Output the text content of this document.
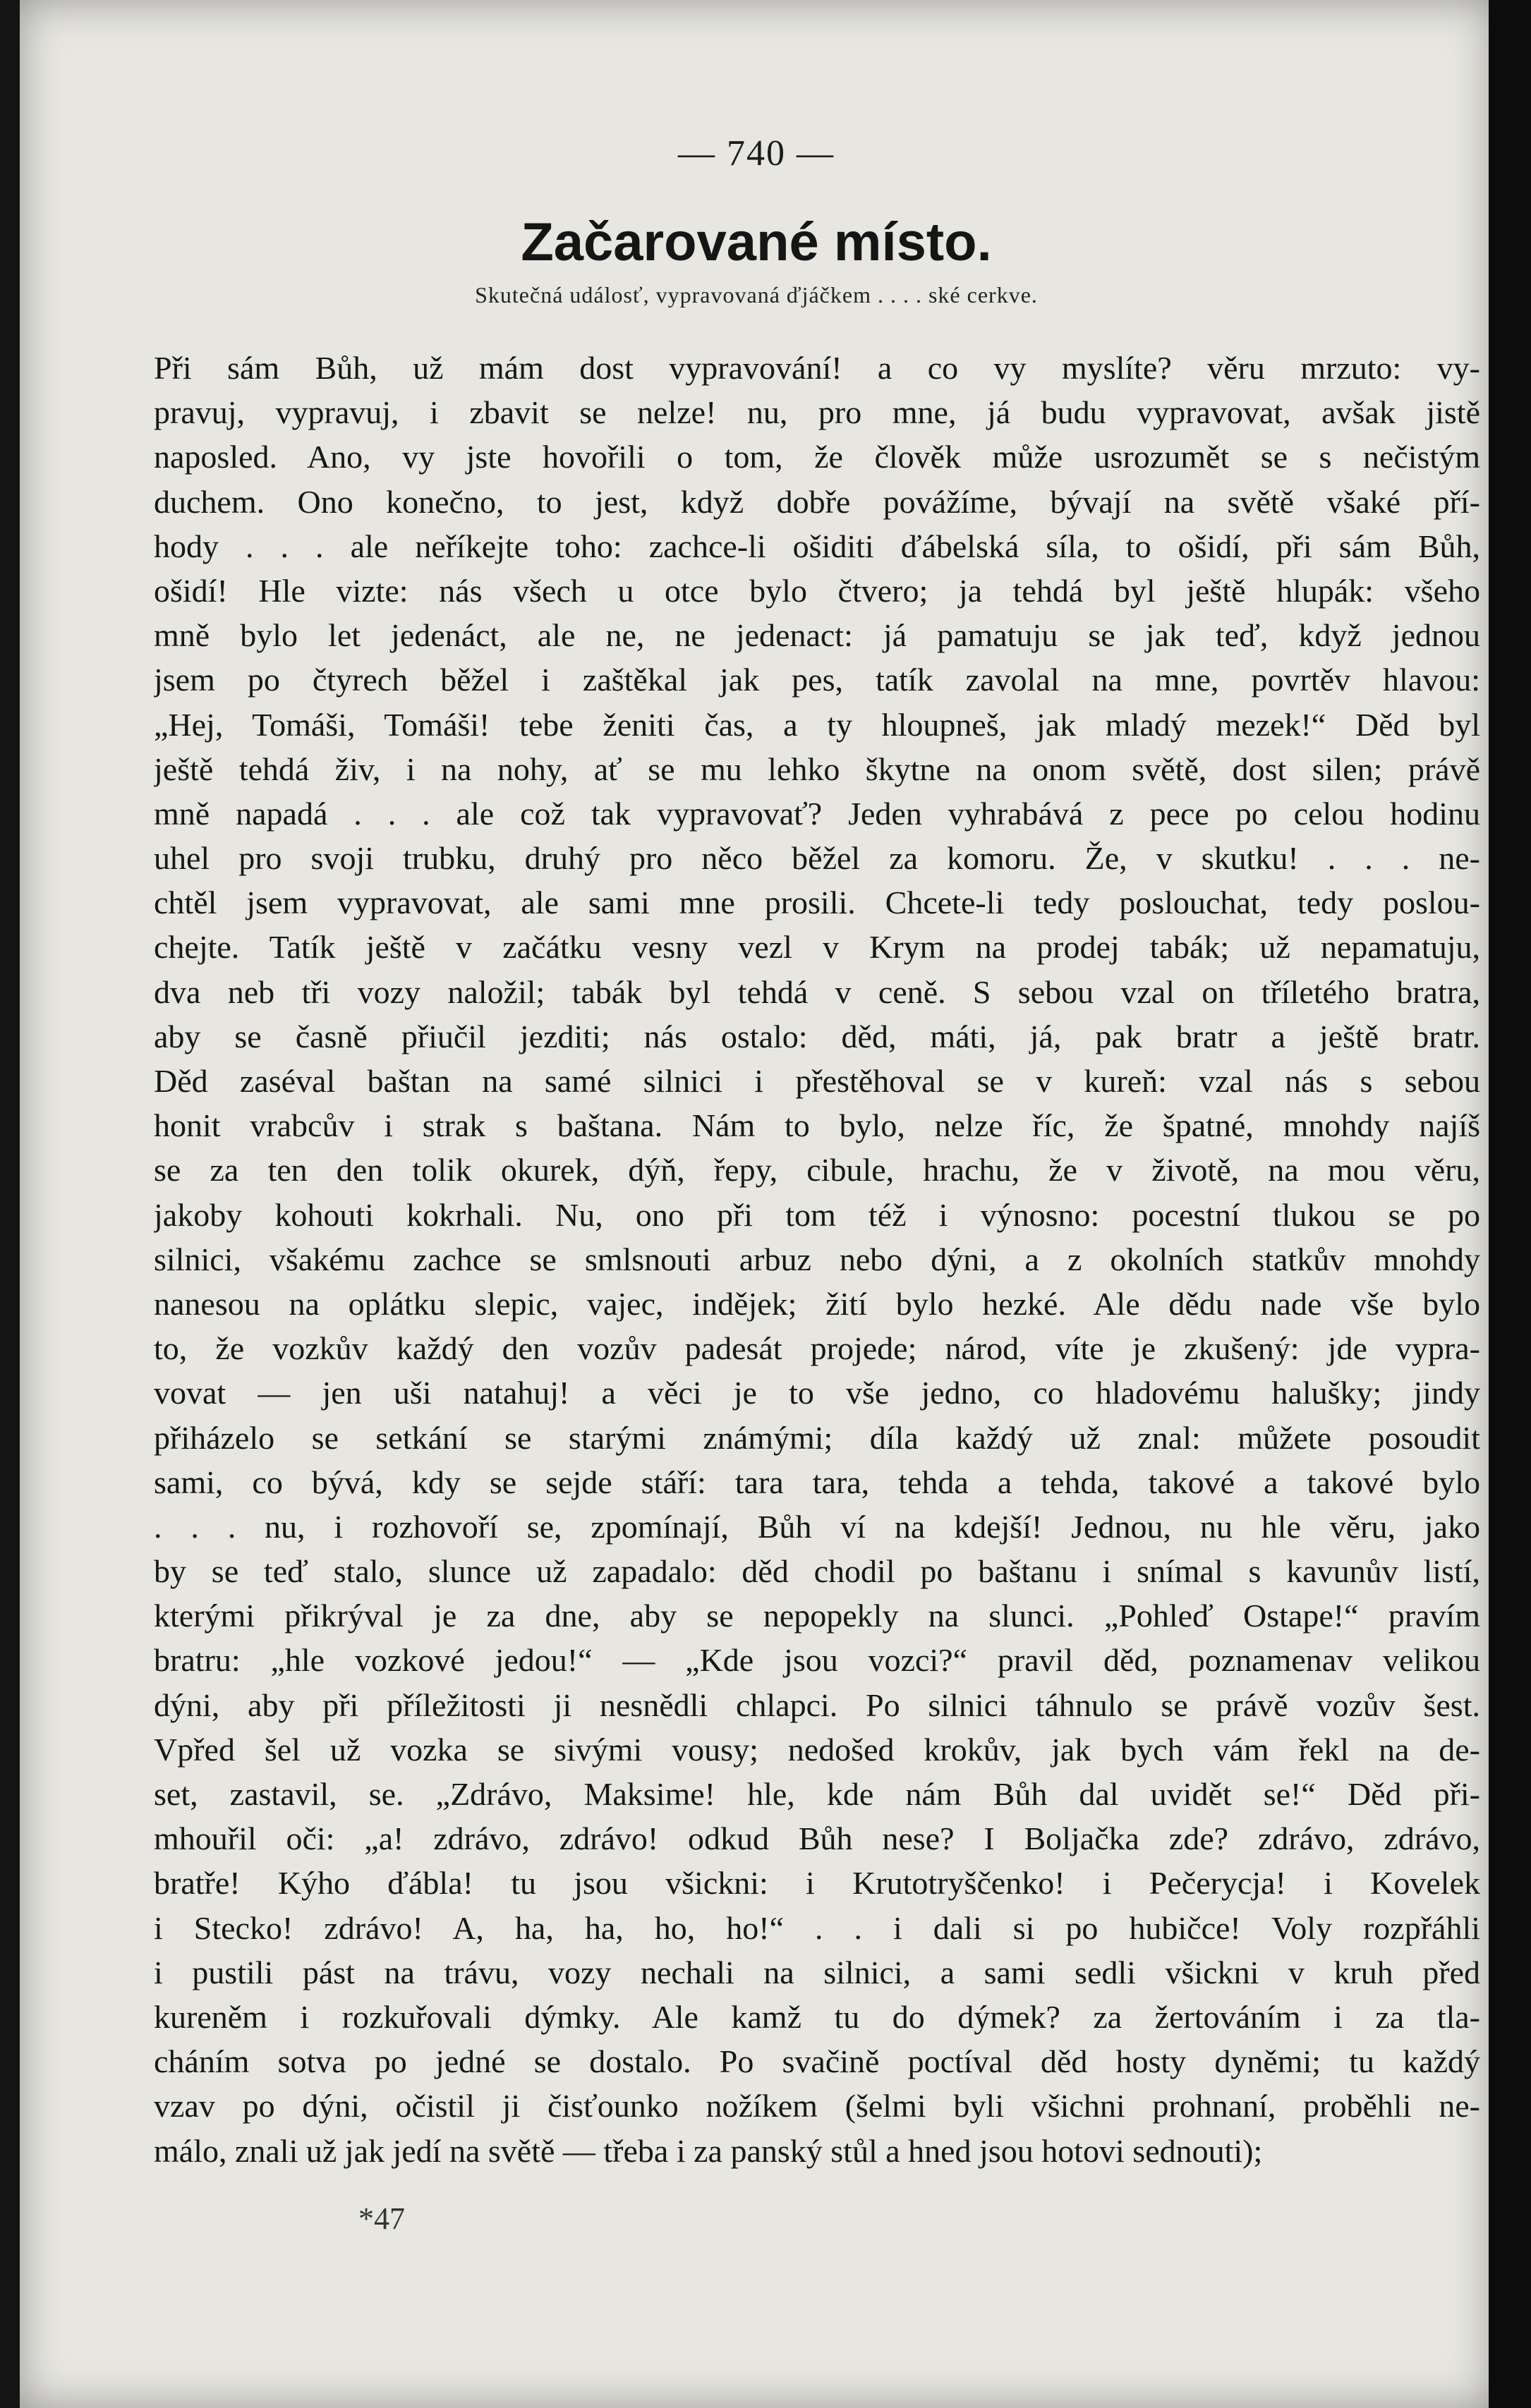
— 740 —
Začarované místo.
Skutečná událosť, vypravovaná ďjáčkem . . . . ské cerkve.
Při sám Bůh, už mám dost vypravování! a co vy myslíte? věru mrzuto: vy-
pravuj, vypravuj, i zbavit se nelze! nu, pro mne, já budu vypravovat, avšak jistě
naposled. Ano, vy jste hovořili o tom, že člověk může usrozumět se s nečistým
duchem. Ono konečno, to jest, když dobře povážíme, bývají na světě všaké pří-
hody . . . ale neříkejte toho: zachce-li ošiditi ďábelská síla, to ošidí, při sám Bůh,
ošidí! Hle vizte: nás všech u otce bylo čtvero; ja tehdá byl ještě hlupák: všeho
mně bylo let jedenáct, ale ne, ne jedenact: já pamatuju se jak teď, když jednou
jsem po čtyrech běžel i zaštěkal jak pes, tatík zavolal na mne, povrtěv hlavou:
„Hej, Tomáši, Tomáši! tebe ženiti čas, a ty hloupneš, jak mladý mezek!“ Děd byl
ještě tehdá živ, i na nohy, ať se mu lehko škytne na onom světě, dost silen; právě
mně napadá . . . ale což tak vypravovať? Jeden vyhrabává z pece po celou hodinu
uhel pro svoji trubku, druhý pro něco běžel za komoru. Že, v skutku! . . . ne-
chtěl jsem vypravovat, ale sami mne prosili. Chcete-li tedy poslouchat, tedy poslou-
chejte. Tatík ještě v začátku vesny vezl v Krym na prodej tabák; už nepamatuju,
dva neb tři vozy naložil; tabák byl tehdá v ceně. S sebou vzal on tříletého bratra,
aby se časně přiučil jezditi; nás ostalo: děd, máti, já, pak bratr a ještě bratr.
Děd zaséval baštan na samé silnici i přestěhoval se v kureň: vzal nás s sebou
honit vrabcův i strak s baštana. Nám to bylo, nelze říc, že špatné, mnohdy najíš
se za ten den tolik okurek, dýň, řepy, cibule, hrachu, že v životě, na mou věru,
jakoby kohouti kokrhali. Nu, ono při tom též i výnosno: pocestní tlukou se po
silnici, všakému zachce se smlsnouti arbuz nebo dýni, a z okolních statkův mnohdy
nanesou na oplátku slepic, vajec, indějek; žití bylo hezké. Ale dědu nade vše bylo
to, že vozkův každý den vozův padesát projede; národ, víte je zkušený: jde vypra-
vovat — jen uši natahuj! a věci je to vše jedno, co hladovému halušky; jindy
přiházelo se setkání se starými známými; díla každý už znal: můžete posoudit
sami, co bývá, kdy se sejde stáří: tara tara, tehda a tehda, takové a takové bylo
. . . nu, i rozhovoří se, zpomínají, Bůh ví na kdejší! Jednou, nu hle věru, jako
by se teď stalo, slunce už zapadalo: děd chodil po baštanu i snímal s kavunův listí,
kterými přikrýval je za dne, aby se nepopekly na slunci. „Pohleď Ostape!“ pravím
bratru: „hle vozkové jedou!“ — „Kde jsou vozci?“ pravil děd, poznamenav velikou
dýni, aby při příležitosti ji nesnědli chlapci. Po silnici táhnulo se právě vozův šest.
Vpřed šel už vozka se sivými vousy; nedošed krokův, jak bych vám řekl na de-
set, zastavil, se. „Zdrávo, Maksime! hle, kde nám Bůh dal uvidět se!“ Děd při-
mhouřil oči: „a! zdrávo, zdrávo! odkud Bůh nese? I Boljačka zde? zdrávo, zdrávo,
bratře! Kýho ďábla! tu jsou všickni: i Krutotryščenko! i Pečerycja! i Kovelek
i Stecko! zdrávo! A, ha, ha, ho, ho!“ . . i dali si po hubičce! Voly rozpřáhli
i pustili pást na trávu, vozy nechali na silnici, a sami sedli všickni v kruh před
kureněm i rozkuřovali dýmky. Ale kamž tu do dýmek? za žertováním i za tla-
cháním sotva po jedné se dostalo. Po svačině poctíval děd hosty dyněmi; tu každý
vzav po dýni, očistil ji čisťounko nožíkem (šelmi byli všichni prohnaní, proběhli ne-
málo, znali už jak jedí na světě — třeba i za panský stůl a hned jsou hotovi sednouti);
*47
